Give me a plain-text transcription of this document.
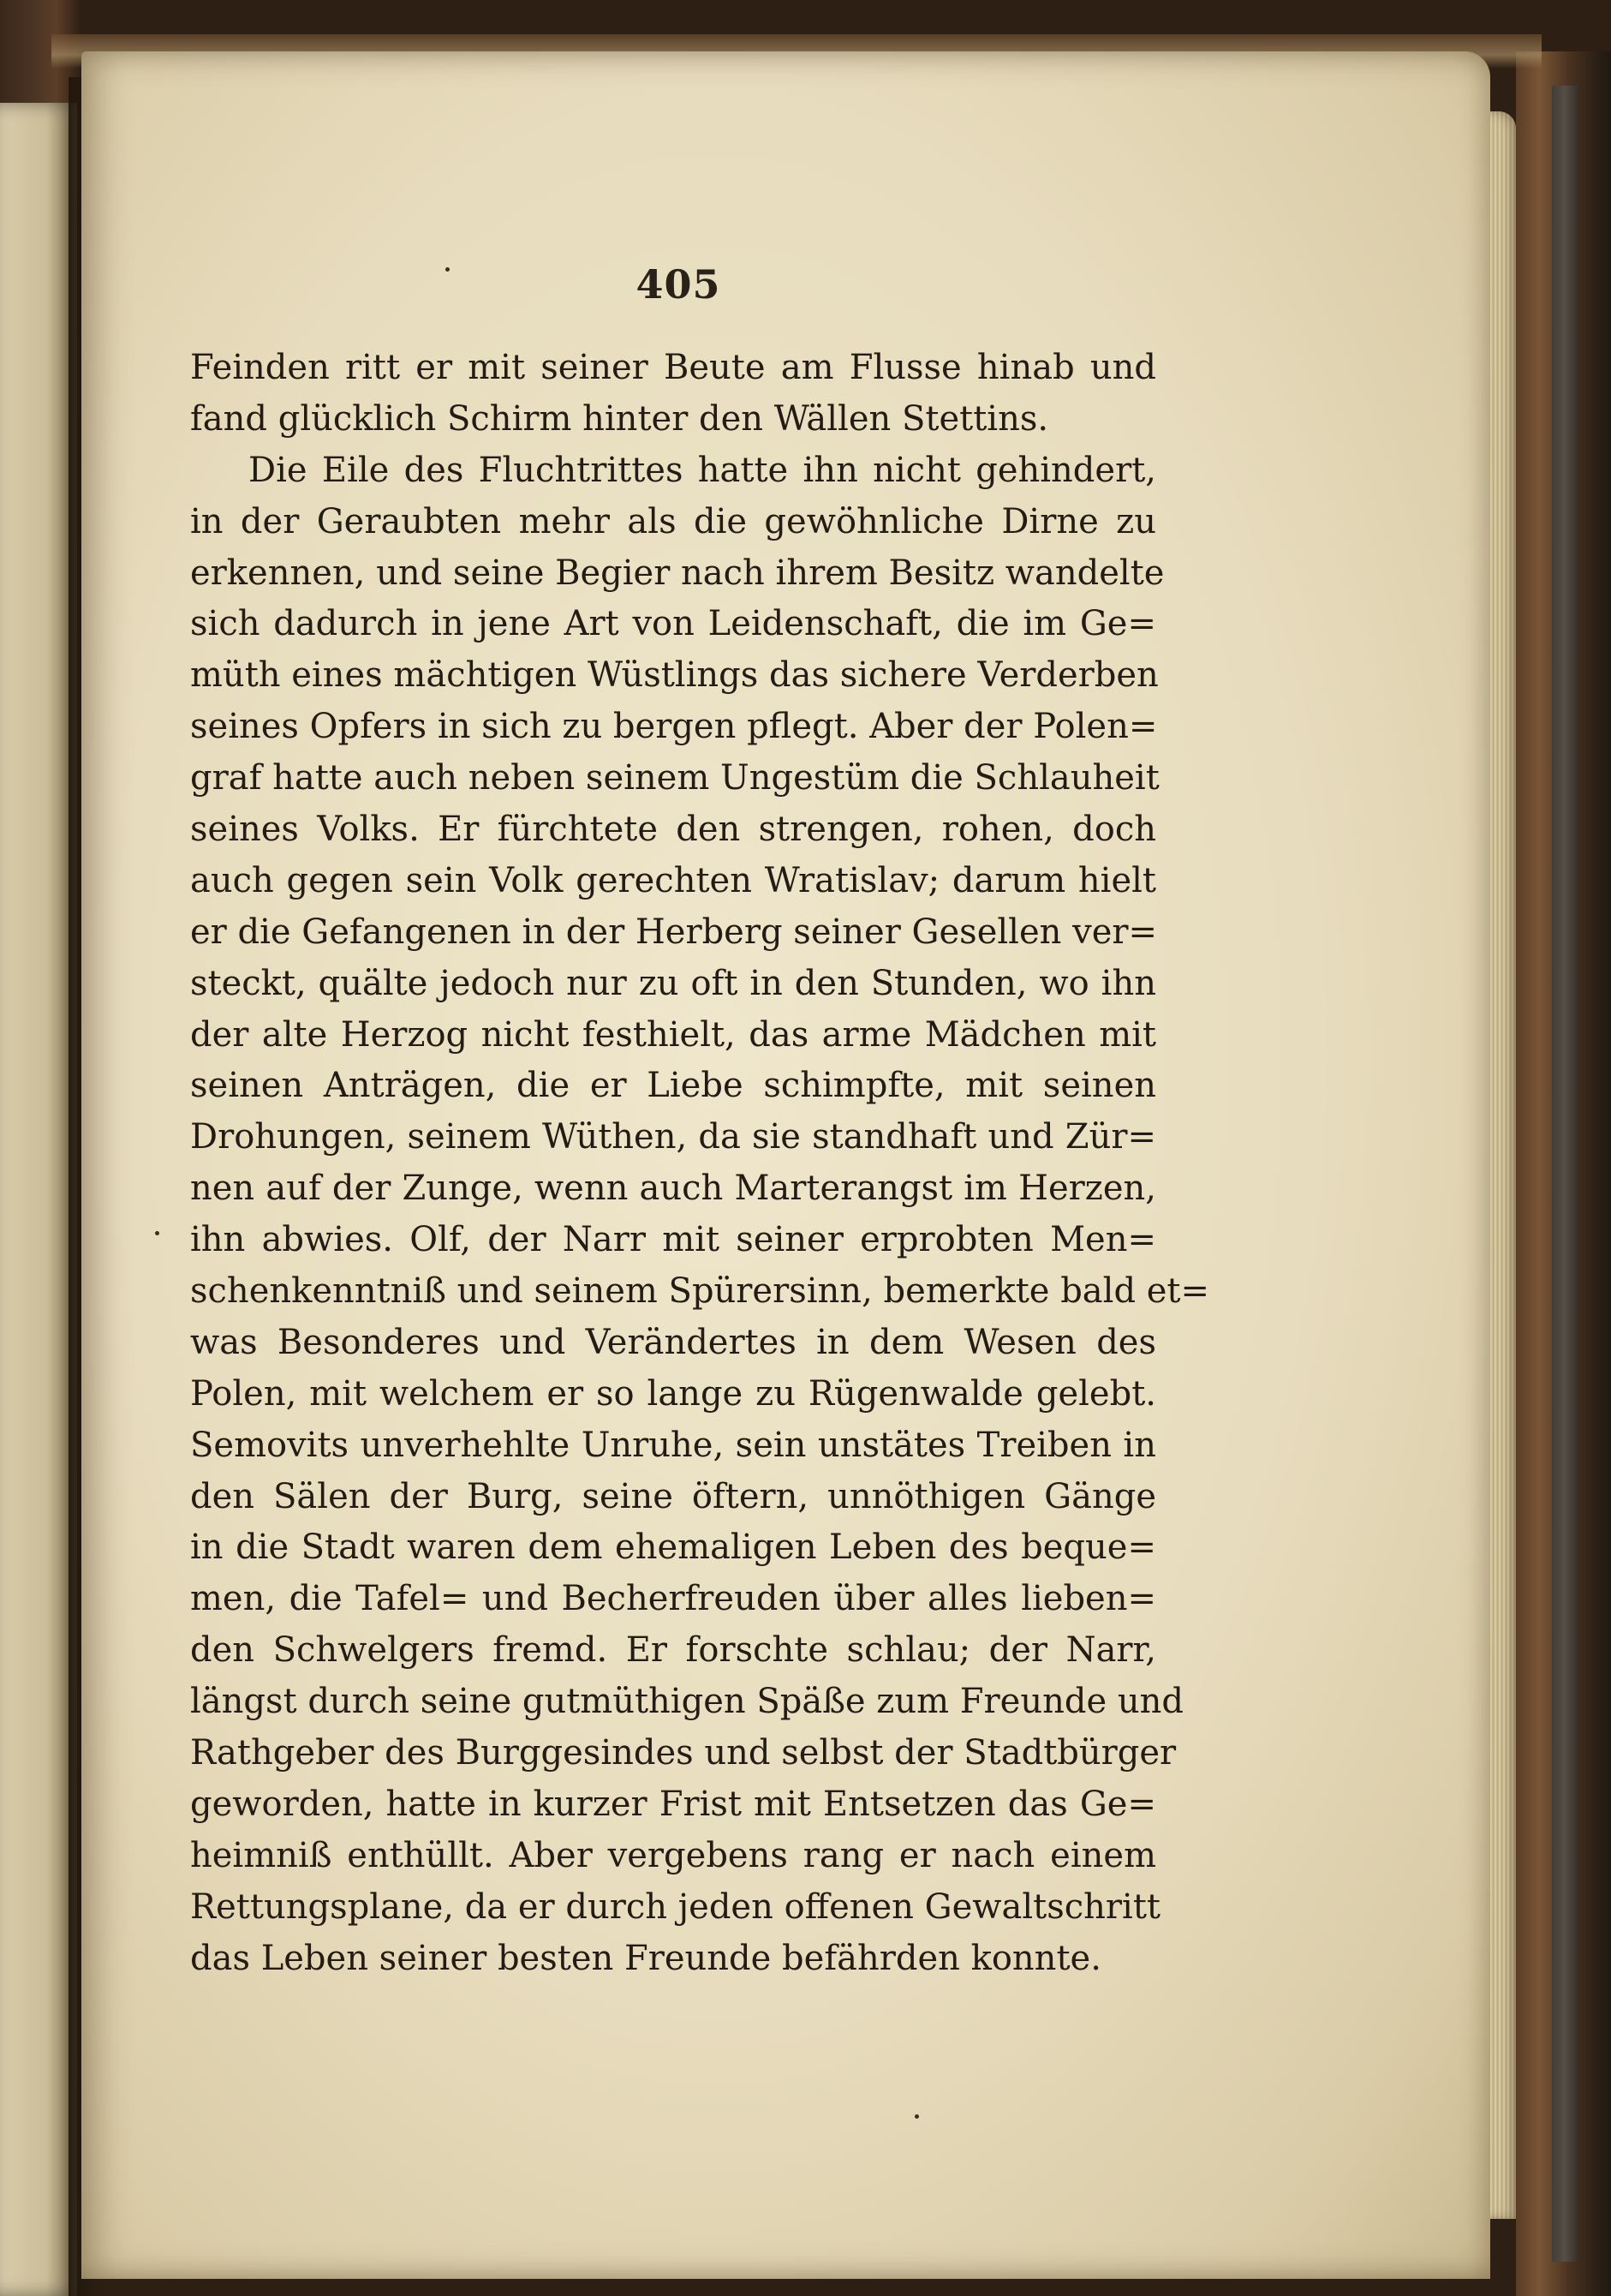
405
Feinden ritt er mit seiner Beute am Flusse hinab und
fand glücklich Schirm hinter den Wällen Stettins.
Die Eile des Fluchtrittes hatte ihn nicht gehindert,
in der Geraubten mehr als die gewöhnliche Dirne zu
erkennen, und seine Begier nach ihrem Besitz wandelte
sich dadurch in jene Art von Leidenschaft, die im Ge=
müth eines mächtigen Wüstlings das sichere Verderben
seines Opfers in sich zu bergen pflegt. Aber der Polen=
graf hatte auch neben seinem Ungestüm die Schlauheit
seines Volks. Er fürchtete den strengen, rohen, doch
auch gegen sein Volk gerechten Wratislav; darum hielt
er die Gefangenen in der Herberg seiner Gesellen ver=
steckt, quälte jedoch nur zu oft in den Stunden, wo ihn
der alte Herzog nicht festhielt, das arme Mädchen mit
seinen Anträgen, die er Liebe schimpfte, mit seinen
Drohungen, seinem Wüthen, da sie standhaft und Zür=
nen auf der Zunge, wenn auch Marterangst im Herzen,
ihn abwies. Olf, der Narr mit seiner erprobten Men=
schenkenntniß und seinem Spürersinn, bemerkte bald et=
was Besonderes und Verändertes in dem Wesen des
Polen, mit welchem er so lange zu Rügenwalde gelebt.
Semovits unverhehlte Unruhe, sein unstätes Treiben in
den Sälen der Burg, seine öftern, unnöthigen Gänge
in die Stadt waren dem ehemaligen Leben des beque=
men, die Tafel= und Becherfreuden über alles lieben=
den Schwelgers fremd. Er forschte schlau; der Narr,
längst durch seine gutmüthigen Späße zum Freunde und
Rathgeber des Burggesindes und selbst der Stadtbürger
geworden, hatte in kurzer Frist mit Entsetzen das Ge=
heimniß enthüllt. Aber vergebens rang er nach einem
Rettungsplane, da er durch jeden offenen Gewaltschritt
das Leben seiner besten Freunde befährden konnte.
